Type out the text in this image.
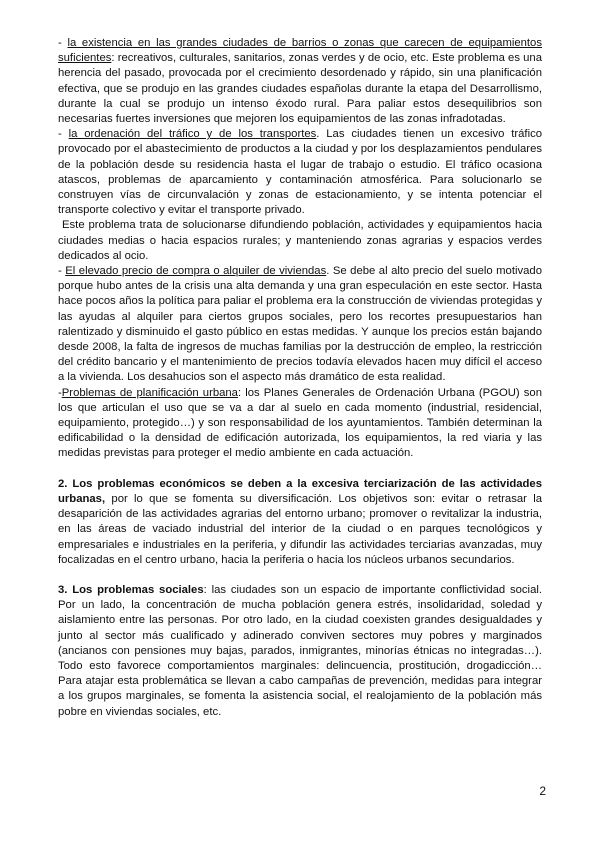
- la existencia en las grandes ciudades de barrios o zonas que carecen de equipamientos suficientes: recreativos, culturales, sanitarios, zonas verdes y de ocio, etc. Este problema es una herencia del pasado, provocada por el crecimiento desordenado y rápido, sin una planificación efectiva, que se produjo en las grandes ciudades españolas durante la etapa del Desarrollismo, durante la cual se produjo un intenso éxodo rural. Para paliar estos desequilibrios son necesarias fuertes inversiones que mejoren los equipamientos de las zonas infradotadas.

- la ordenación del tráfico y de los transportes. Las ciudades tienen un excesivo tráfico provocado por el abastecimiento de productos a la ciudad y por los desplazamientos pendulares de la población desde su residencia hasta el lugar de trabajo o estudio. El tráfico ocasiona atascos, problemas de aparcamiento y contaminación atmosférica. Para solucionarlo se construyen vías de circunvalación y zonas de estacionamiento, y se intenta potenciar el transporte colectivo y evitar el transporte privado.

Este problema trata de solucionarse difundiendo población, actividades y equipamientos hacia ciudades medias o hacia espacios rurales; y manteniendo zonas agrarias y espacios verdes dedicados al ocio.

- El elevado precio de compra o alquiler de viviendas. Se debe al alto precio del suelo motivado porque hubo antes de la crisis una alta demanda y una gran especulación en este sector. Hasta hace pocos años la política para paliar el problema era la construcción de viviendas protegidas y las ayudas al alquiler para ciertos grupos sociales, pero los recortes presupuestarios han ralentizado y disminuido el gasto público en estas medidas. Y aunque los precios están bajando desde 2008, la falta de ingresos de muchas familias por la destrucción de empleo, la restricción del crédito bancario y el mantenimiento de precios todavía elevados hacen muy difícil el acceso a la vivienda. Los desahucios son el aspecto más dramático de esta realidad.

-Problemas de planificación urbana: los Planes Generales de Ordenación Urbana (PGOU) son los que articulan el uso que se va a dar al suelo en cada momento (industrial, residencial, equipamiento, protegido…) y son responsabilidad de los ayuntamientos. También determinan la edificabilidad o la densidad de edificación autorizada, los equipamientos, la red viaria y las medidas previstas para proteger el medio ambiente en cada actuación.

2. Los problemas económicos se deben a la excesiva terciarización de las actividades urbanas, por lo que se fomenta su diversificación. Los objetivos son: evitar o retrasar la desaparición de las actividades agrarias del entorno urbano; promover o revitalizar la industria, en las áreas de vaciado industrial del interior de la ciudad o en parques tecnológicos y empresariales e industriales en la periferia, y difundir las actividades terciarias avanzadas, muy focalizadas en el centro urbano, hacia la periferia o hacia los núcleos urbanos secundarios.

3. Los problemas sociales: las ciudades son un espacio de importante conflictividad social. Por un lado, la concentración de mucha población genera estrés, insolidaridad, soledad y aislamiento entre las personas. Por otro lado, en la ciudad coexisten grandes desigualdades y junto al sector más cualificado y adinerado conviven sectores muy pobres y marginados (ancianos con pensiones muy bajas, parados, inmigrantes, minorías étnicas no integradas…). Todo esto favorece comportamientos marginales: delincuencia, prostitución, drogadicción… Para atajar esta problemática se llevan a cabo campañas de prevención, medidas para integrar a los grupos marginales, se fomenta la asistencia social, el realojamiento de la población más pobre en viviendas sociales, etc.

2
